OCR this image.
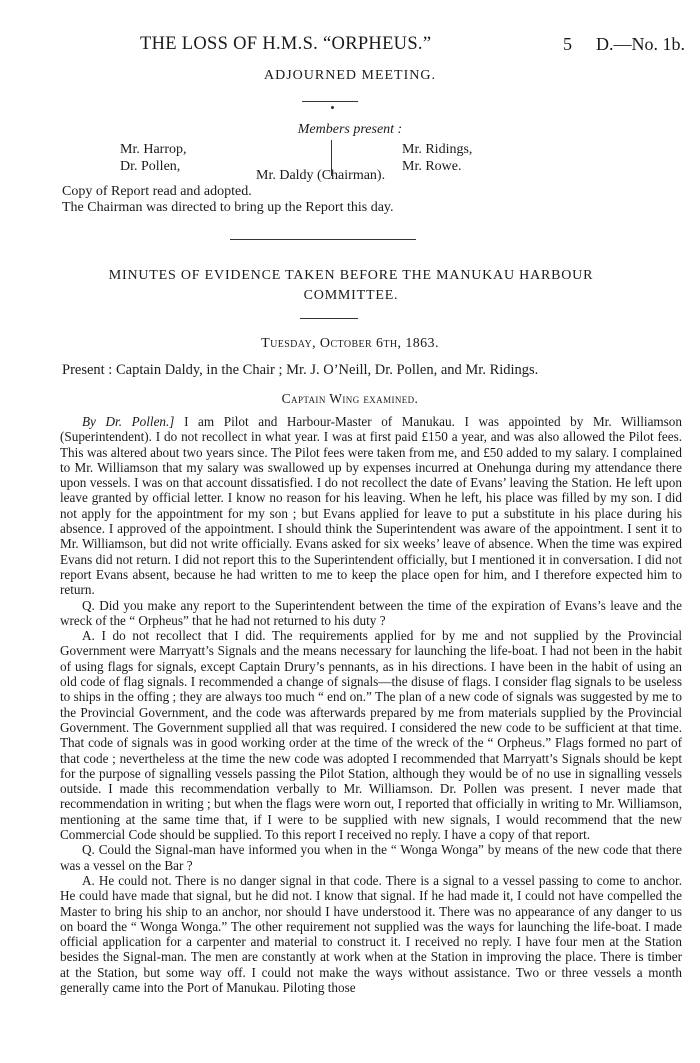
THE LOSS OF H.M.S. “ORPHEUS.”	5 D.—No. 1b.
ADJOURNED MEETING.
Members present :
Mr. Harrop,
Dr. Pollen,
Mr. Ridings,
Mr. Rowe.
Mr. Daldy (Chairman).
Copy of Report read and adopted.
The Chairman was directed to bring up the Report this day.
MINUTES OF EVIDENCE TAKEN BEFORE THE MANUKAU HARBOUR COMMITTEE.
Tuesday, October 6th, 1863.
Present : Captain Daldy, in the Chair ; Mr. J. O’Neill, Dr. Pollen, and Mr. Ridings.
Captain Wing examined.

By Dr. Pollen.] I am Pilot and Harbour-Master of Manukau. I was appointed by Mr. Williamson (Superintendent). I do not recollect in what year. I was at first paid £150 a year, and was also allowed the Pilot fees. This was altered about two years since. The Pilot fees were taken from me, and £50 added to my salary. I complained to Mr. Williamson that my salary was swallowed up by expenses incurred at Onehunga during my attendance there upon vessels. I was on that account dissatisfied. I do not recollect the date of Evans’ leaving the Station. He left upon leave granted by official letter. I know no reason for his leaving. When he left, his place was filled by my son. I did not apply for the appointment for my son ; but Evans applied for leave to put a substitute in his place during his absence. I approved of the appointment. I should think the Superintendent was aware of the appointment. I sent it to Mr. Williamson, but did not write officially. Evans asked for six weeks’ leave of absence. When the time was expired Evans did not return. I did not report this to the Superintendent officially, but I mentioned it in conversation. I did not report Evans absent, because he had written to me to keep the place open for him, and I therefore expected him to return.

Q. Did you make any report to the Superintendent between the time of the expiration of Evans’s leave and the wreck of the “ Orpheus” that he had not returned to his duty ?

A. I do not recollect that I did. The requirements applied for by me and not supplied by the Provincial Government were Marryatt’s Signals and the means necessary for launching the life-boat. I had not been in the habit of using flags for signals, except Captain Drury’s pennants, as in his directions. I have been in the habit of using an old code of flag signals. I recommended a change of signals—the disuse of flags. I consider flag signals to be useless to ships in the offing ; they are always too much “ end on.” The plan of a new code of signals was suggested by me to the Provincial Government, and the code was afterwards prepared by me from materials supplied by the Provincial Government. The Government supplied all that was required. I considered the new code to be sufficient at that time. That code of signals was in good working order at the time of the wreck of the “ Orpheus.” Flags formed no part of that code ; nevertheless at the time the new code was adopted I recommended that Marryatt’s Signals should be kept for the purpose of signalling vessels passing the Pilot Station, although they would be of no use in signalling vessels outside. I made this recommendation verbally to Mr. Williamson. Dr. Pollen was present. I never made that recommendation in writing ; but when the flags were worn out, I reported that officially in writing to Mr. Williamson, mentioning at the same time that, if I were to be supplied with new signals, I would recommend that the new Commercial Code should be supplied. To this report I received no reply. I have a copy of that report.

Q. Could the Signal-man have informed you when in the “ Wonga Wonga” by means of the new code that there was a vessel on the Bar ?

A. He could not. There is no danger signal in that code. There is a signal to a vessel passing to come to anchor. He could have made that signal, but he did not. I know that signal. If he had made it, I could not have compelled the Master to bring his ship to an anchor, nor should I have understood it. There was no appearance of any danger to us on board the “ Wonga Wonga.” The other requirement not supplied was the ways for launching the life-boat. I made official application for a carpenter and material to construct it. I received no reply. I have four men at the Station besides the Signal-man. The men are constantly at work when at the Station in improving the place. There is timber at the Station, but some way off. I could not make the ways without assistance. Two or three vessels a month generally came into the Port of Manukau. Piloting those
